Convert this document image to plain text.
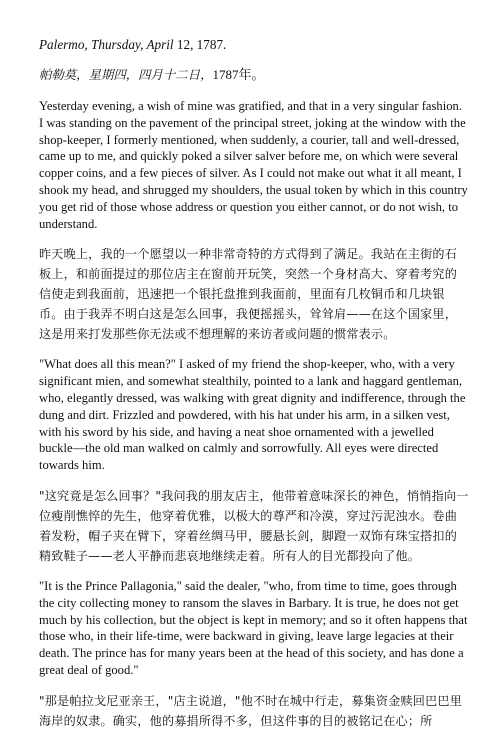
Palermo, Thursday, April 12, 1787.

帕勒莫，星期四，四月十二日，1787年。

Yesterday evening, a wish of mine was gratified, and that in a very singular fashion. I was standing on the pavement of the principal street, joking at the window with the shop-keeper, I formerly mentioned, when suddenly, a courier, tall and well-dressed, came up to me, and quickly poked a silver salver before me, on which were several copper coins, and a few pieces of silver. As I could not make out what it all meant, I shook my head, and shrugged my shoulders, the usual token by which in this country you get rid of those whose address or question you either cannot, or do not wish, to understand.

昨天晚上，我的一个愿望以一种非常奇特的方式得到了满足。我站在主街的石板上，和前面提过的那位店主在窗前开玩笑，突然一个身材高大、穿着考究的信使走到我面前，迅速把一个银托盘推到我面前，里面有几枚铜币和几块银币。由于我弄不明白这是怎么回事，我便摇摇头，耸耸肩——在这个国家里，这是用来打发那些你无法或不想理解的来访者或问题的惯常表示。

"What does all this mean?" I asked of my friend the shop-keeper, who, with a very significant mien, and somewhat stealthily, pointed to a lank and haggard gentleman, who, elegantly dressed, was walking with great dignity and indifference, through the dung and dirt. Frizzled and powdered, with his hat under his arm, in a silken vest, with his sword by his side, and having a neat shoe ornamented with a jewelled buckle—the old man walked on calmly and sorrowfully. All eyes were directed towards him.

"这究竟是怎么回事？"我问我的朋友店主，他带着意味深长的神色，悄悄指向一位瘦削憔悴的先生，他穿着优雅，以极大的尊严和冷漠，穿过污泥浊水。卷曲着发粉，帽子夹在臂下，穿着丝绸马甲，腰悬长剑，脚蹬一双饰有珠宝搭扣的精致鞋子——老人平静而悲哀地继续走着。所有人的目光都投向了他。

"It is the Prince Pallagonia," said the dealer, "who, from time to time, goes through the city collecting money to ransom the slaves in Barbary. It is true, he does not get much by his collection, but the object is kept in memory; and so it often happens that those who, in their life-time, were backward in giving, leave large legacies at their death. The prince has for many years been at the head of this society, and has done a great deal of good."

"那是帕拉戈尼亚亲王，"店主说道，"他不时在城中行走，募集资金赎回巴巴里海岸的奴隶。确实，他的募捐所得不多，但这件事的目的被铭记在心；所
